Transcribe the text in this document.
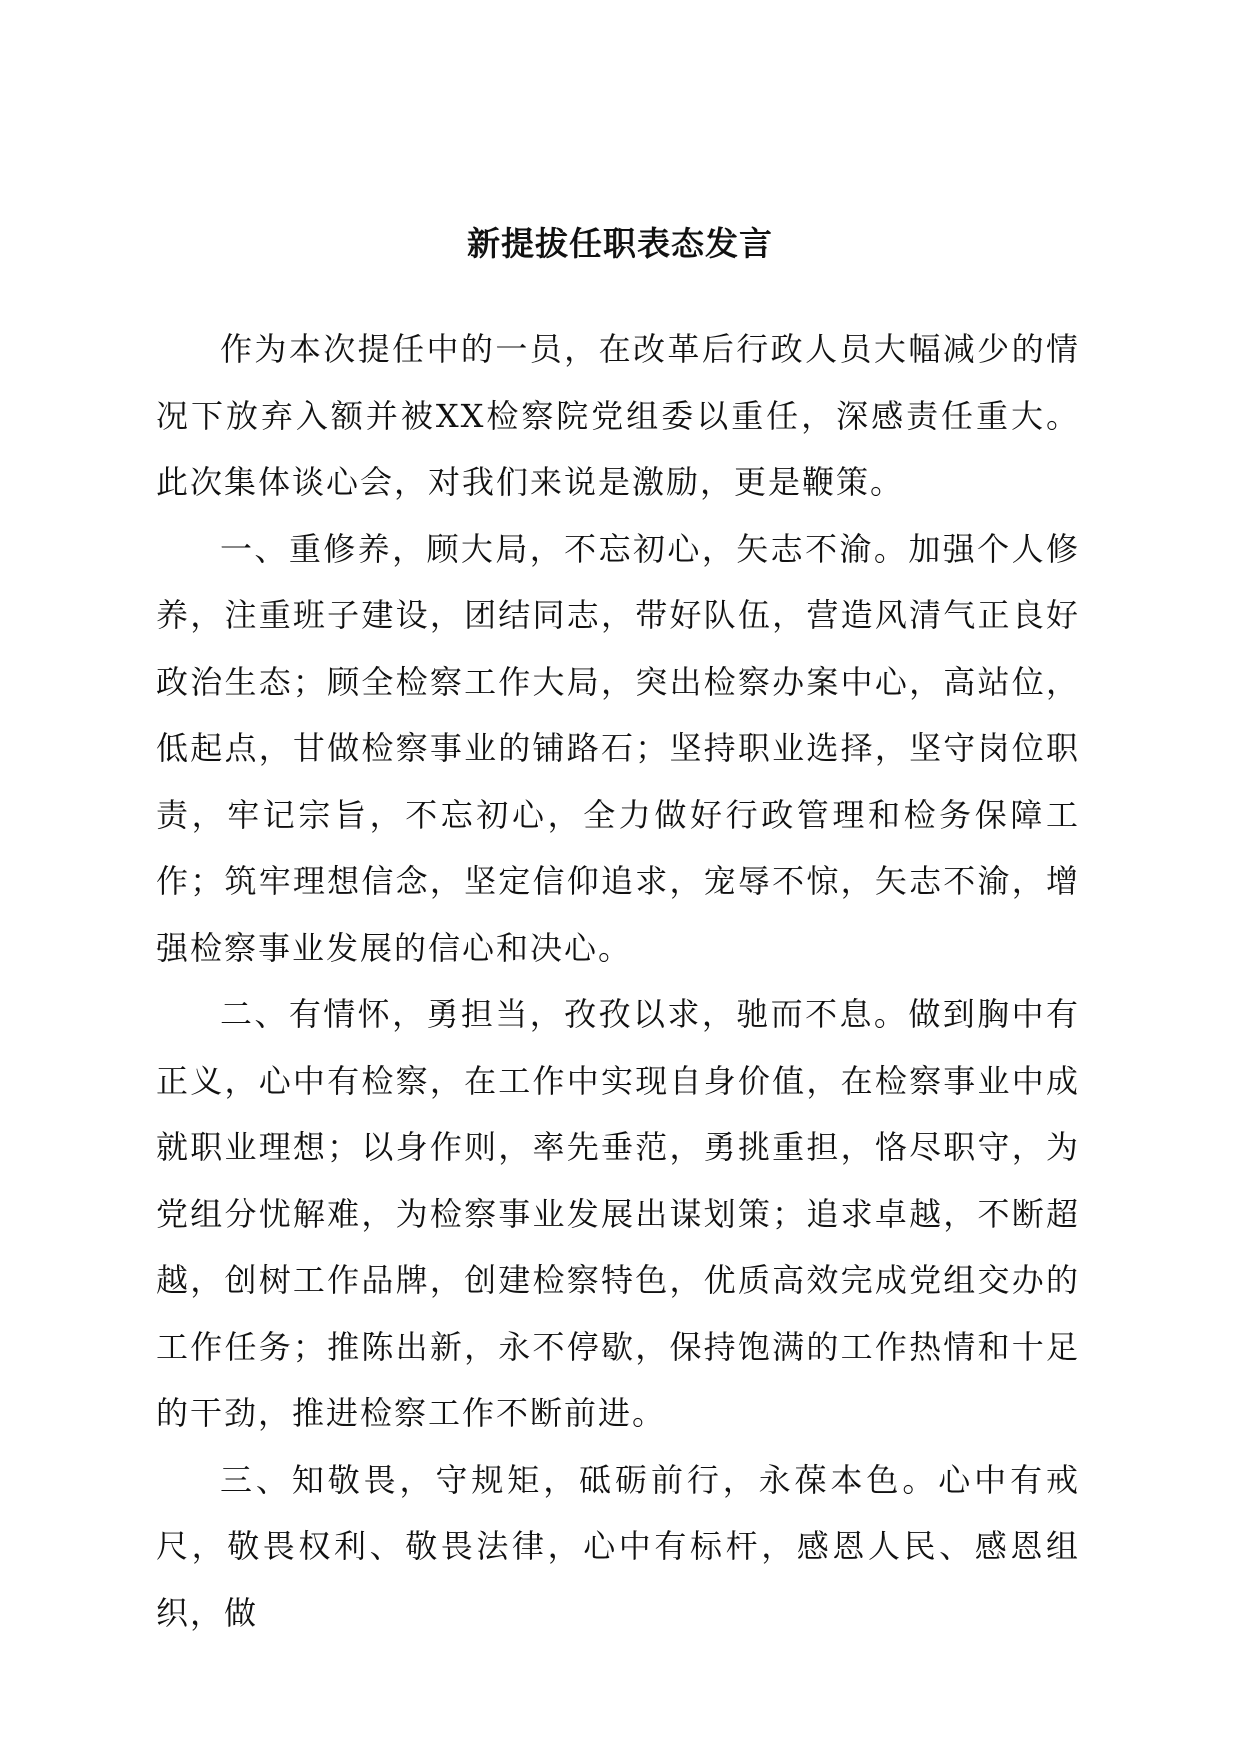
新提拔任职表态发言

作为本次提任中的一员，在改革后行政人员大幅减少的情况下放弃入额并被XX检察院党组委以重任，深感责任重大。此次集体谈心会，对我们来说是激励，更是鞭策。

一、重修养，顾大局，不忘初心，矢志不渝。加强个人修养，注重班子建设，团结同志，带好队伍，营造风清气正良好政治生态；顾全检察工作大局，突出检察办案中心，高站位，低起点，甘做检察事业的铺路石；坚持职业选择，坚守岗位职责，牢记宗旨，不忘初心，全力做好行政管理和检务保障工作；筑牢理想信念，坚定信仰追求，宠辱不惊，矢志不渝，增强检察事业发展的信心和决心。

二、有情怀，勇担当，孜孜以求，驰而不息。做到胸中有正义，心中有检察，在工作中实现自身价值，在检察事业中成就职业理想；以身作则，率先垂范，勇挑重担，恪尽职守，为党组分忧解难，为检察事业发展出谋划策；追求卓越，不断超越，创树工作品牌，创建检察特色，优质高效完成党组交办的工作任务；推陈出新，永不停歇，保持饱满的工作热情和十足的干劲，推进检察工作不断前进。

三、知敬畏，守规矩，砥砺前行，永葆本色。心中有戒尺，敬畏权利、敬畏法律，心中有标杆，感恩人民、感恩组织，做
